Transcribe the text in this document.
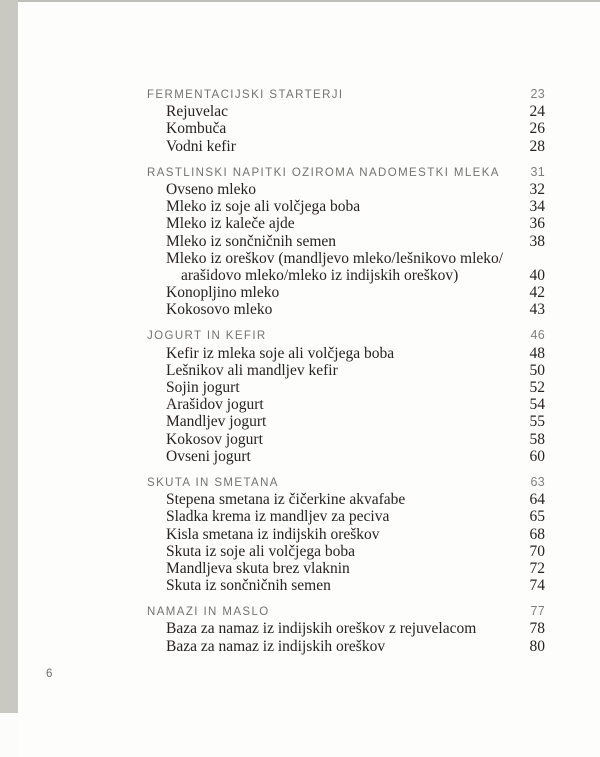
FERMENTACIJSKI STARTERJI	23
Rejuvelac	24
Kombuča	26
Vodni kefir	28
RASTLINSKI NAPITKI OZIROMA NADOMESTKI MLEKA 31
Ovseno mleko	32
Mleko iz soje ali volčjega boba	34
Mleko iz kaleče ajde	36
Mleko iz sončničnih semen	38
Mleko iz oreškov (mandljevo mleko/lešnikovo mleko/
arašidovo mleko/mleko iz indijskih oreškov)	40
Konopljino mleko	42
Kokosovo mleko	43
JOGURT IN KEFIR	46
Kefir iz mleka soje ali volčjega boba	48
Lešnikov ali mandljev kefir	50
Sojin jogurt	52
Arašidov jogurt	54
Mandljev jogurt	55
Kokosov jogurt	58
Ovseni jogurt	60
SKUTA IN SMETANA	63
Stepena smetana iz čičerkine akvafabe	64
Sladka krema iz mandljev za peciva	65
Kisla smetana iz indijskih oreškov	68
Skuta iz soje ali volčjega boba	70
Mandljeva skuta brez vlaknin	72
Skuta iz sončničnih semen	74
NAMAZI IN MASLO	77
Baza za namaz iz indijskih oreškov z rejuvelacom	78
Baza za namaz iz indijskih oreškov	80
6
